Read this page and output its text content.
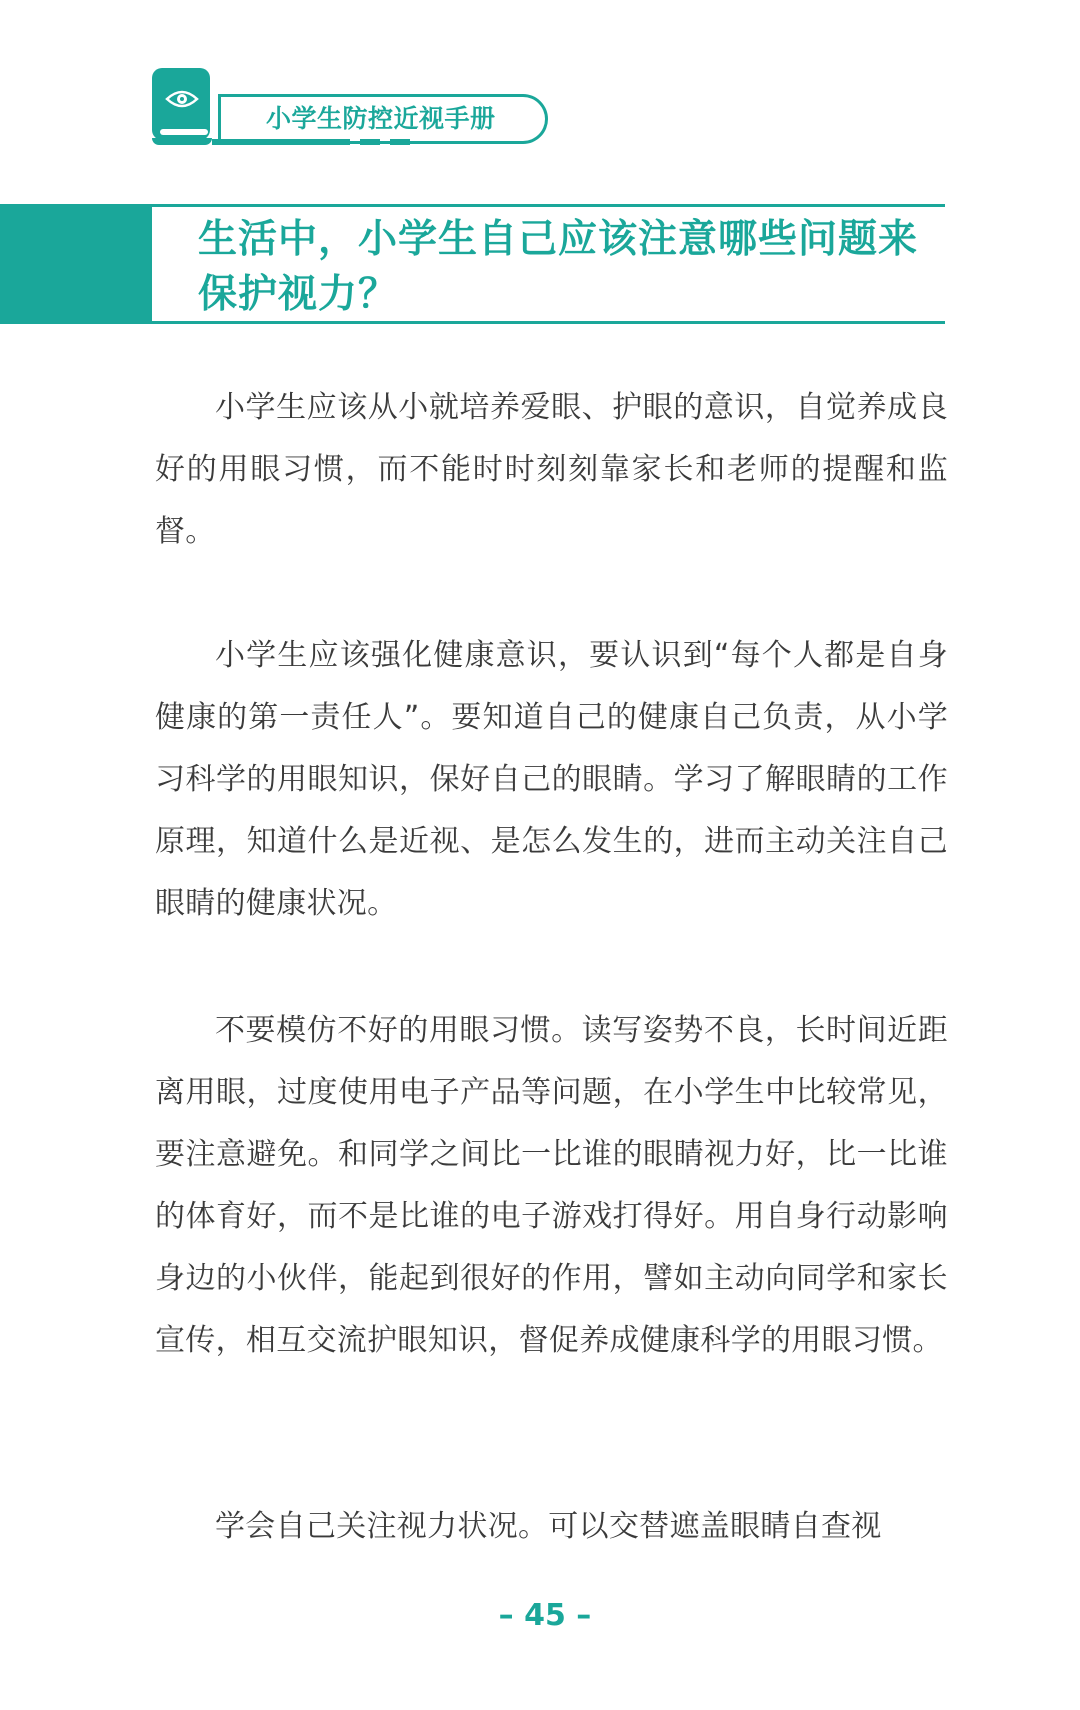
小学生防控近视手册
生活中，小学生自己应该注意哪些问题来保护视力？

小学生应该从小就培养爱眼、护眼的意识，自觉养成良好的用眼习惯，而不能时时刻刻靠家长和老师的提醒和监督。

小学生应该强化健康意识，要认识到“每个人都是自身健康的第一责任人”。要知道自己的健康自己负责，从小学习科学的用眼知识，保好自己的眼睛。学习了解眼睛的工作原理，知道什么是近视、是怎么发生的，进而主动关注自己眼睛的健康状况。

不要模仿不好的用眼习惯。读写姿势不良，长时间近距离用眼，过度使用电子产品等问题，在小学生中比较常见，要注意避免。和同学之间比一比谁的眼睛视力好，比一比谁的体育好，而不是比谁的电子游戏打得好。用自身行动影响身边的小伙伴，能起到很好的作用，譬如主动向同学和家长宣传，相互交流护眼知识，督促养成健康科学的用眼习惯。

学会自己关注视力状况。可以交替遮盖眼睛自查视

– 45 –
